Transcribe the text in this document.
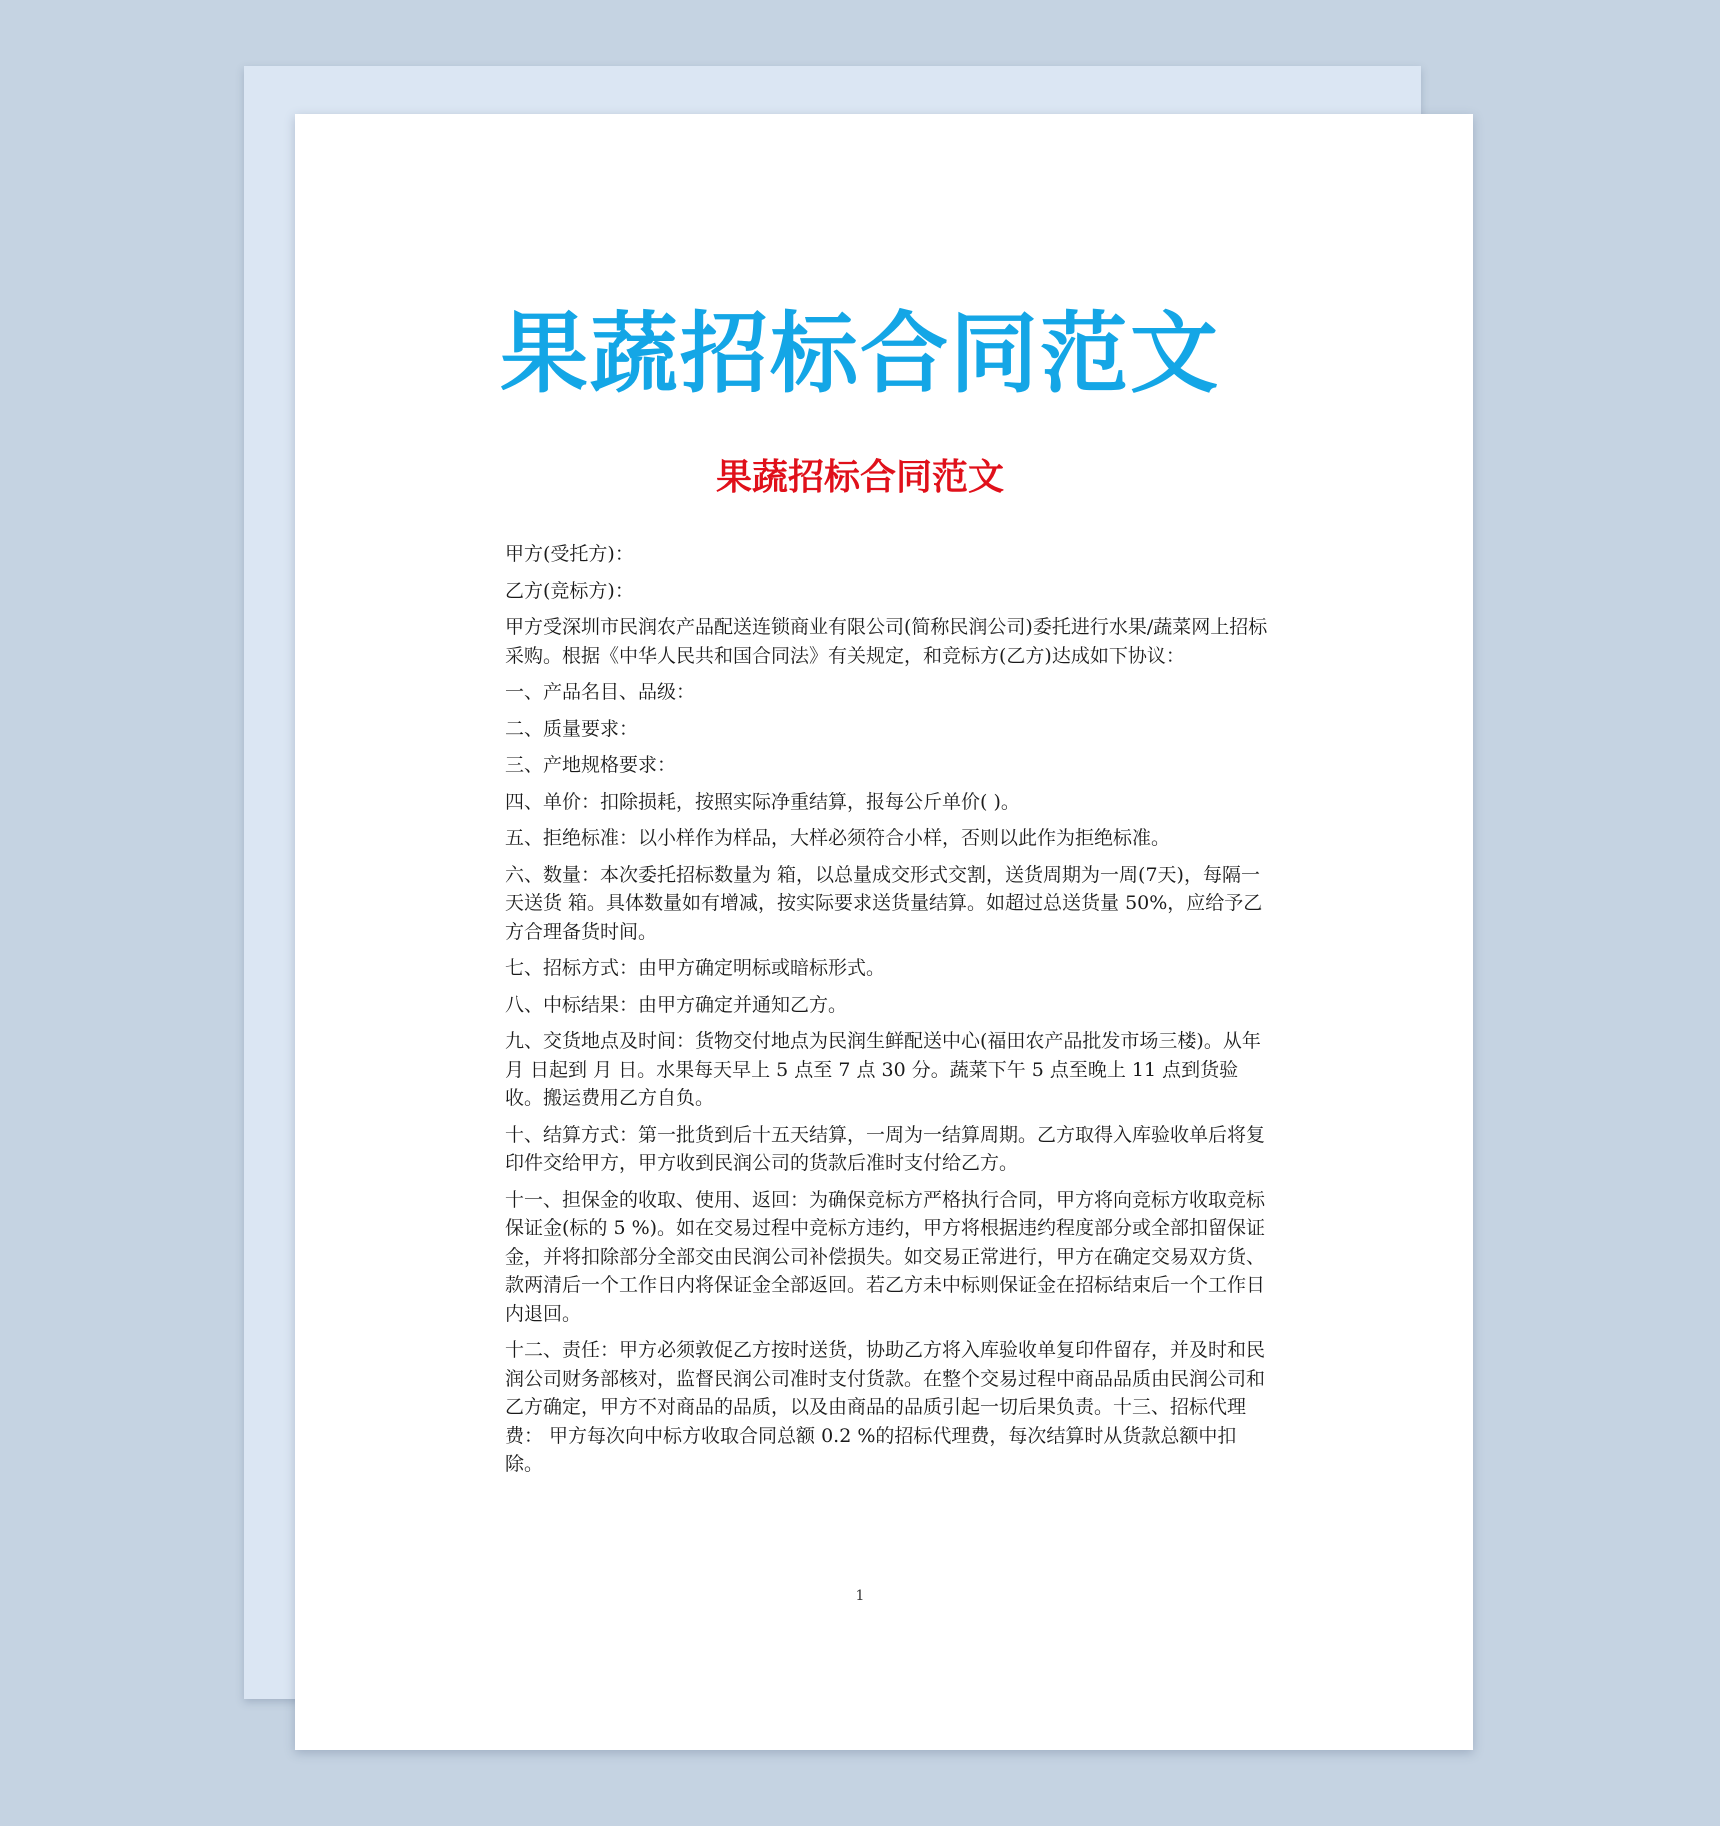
果蔬招标合同范文
果蔬招标合同范文

甲方(受托方)：

乙方(竞标方)：

甲方受深圳市民润农产品配送连锁商业有限公司(简称民润公司)委托进行水果/蔬菜网上招标采购。根据《中华人民共和国合同法》有关规定，和竞标方(乙方)达成如下协议：

一、产品名目、品级：

二、质量要求：

三、产地规格要求：

四、单价：扣除损耗，按照实际净重结算，报每公斤单价( )。

五、拒绝标准：以小样作为样品，大样必须符合小样，否则以此作为拒绝标准。

六、数量：本次委托招标数量为 箱，以总量成交形式交割，送货周期为一周(7天)，每隔一天送货 箱。具体数量如有增减，按实际要求送货量结算。如超过总送货量 50%，应给予乙方合理备货时间。

七、招标方式：由甲方确定明标或暗标形式。

八、中标结果：由甲方确定并通知乙方。

九、交货地点及时间：货物交付地点为民润生鲜配送中心(福田农产品批发市场三楼)。从年 月 日起到 月 日。水果每天早上 5 点至 7 点 30 分。蔬菜下午 5 点至晚上 11 点到货验收。搬运费用乙方自负。

十、结算方式：第一批货到后十五天结算，一周为一结算周期。乙方取得入库验收单后将复印件交给甲方，甲方收到民润公司的货款后准时支付给乙方。

十一、担保金的收取、使用、返回：为确保竞标方严格执行合同，甲方将向竞标方收取竞标保证金(标的 5 %)。如在交易过程中竞标方违约，甲方将根据违约程度部分或全部扣留保证金，并将扣除部分全部交由民润公司补偿损失。如交易正常进行，甲方在确定交易双方货、款两清后一个工作日内将保证金全部返回。若乙方未中标则保证金在招标结束后一个工作日内退回。

十二、责任：甲方必须敦促乙方按时送货，协助乙方将入库验收单复印件留存，并及时和民润公司财务部核对，监督民润公司准时支付货款。在整个交易过程中商品品质由民润公司和乙方确定，甲方不对商品的品质，以及由商品的品质引起一切后果负责。十三、招标代理费： 甲方每次向中标方收取合同总额 0.2 %的招标代理费，每次结算时从货款总额中扣除。

1
